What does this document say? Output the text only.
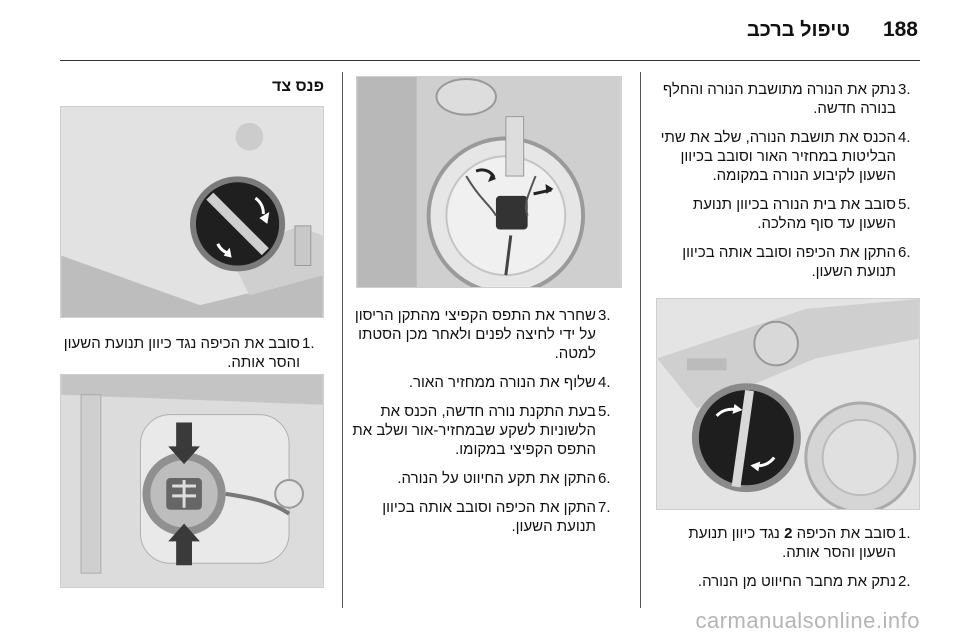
188
טיפול ברכב
.3
נתק את הנורה מתושבת הנורה והחלף בנורה חדשה.
.4
הכנס את תושבת הנורה, שלב את שתי הבליטות במחזיר האור וסובב בכיוון השעון לקיבוע הנורה במקומה.
.5
סובב את בית הנורה בכיוון תנועת השעון עד סוף מהלכה.
.6
התקן את הכיפה וסובב אותה בכיוון תנועת השעון.
.1
סובב את הכיפה 2 נגד כיוון תנועת השעון והסר אותה.
.2
נתק את מחבר החיווט מן הנורה.
.3
שחרר את התפס הקפיצי מהתקן הריסון על ידי לחיצה לפנים ולאחר מכן הסטתו למטה.
.4
שלוף את הנורה ממחזיר האור.
.5
בעת התקנת נורה חדשה, הכנס את הלשוניות לשקע שבמחזיר-אור ושלב את התפס הקפיצי במקומו.
.6
התקן את תקע החיווט על הנורה.
.7
התקן את הכיפה וסובב אותה בכיוון תנועת השעון.
פנס צד
.1
סובב את הכיפה נגד כיוון תנועת השעון והסר אותה.
carmanualsonline.info
